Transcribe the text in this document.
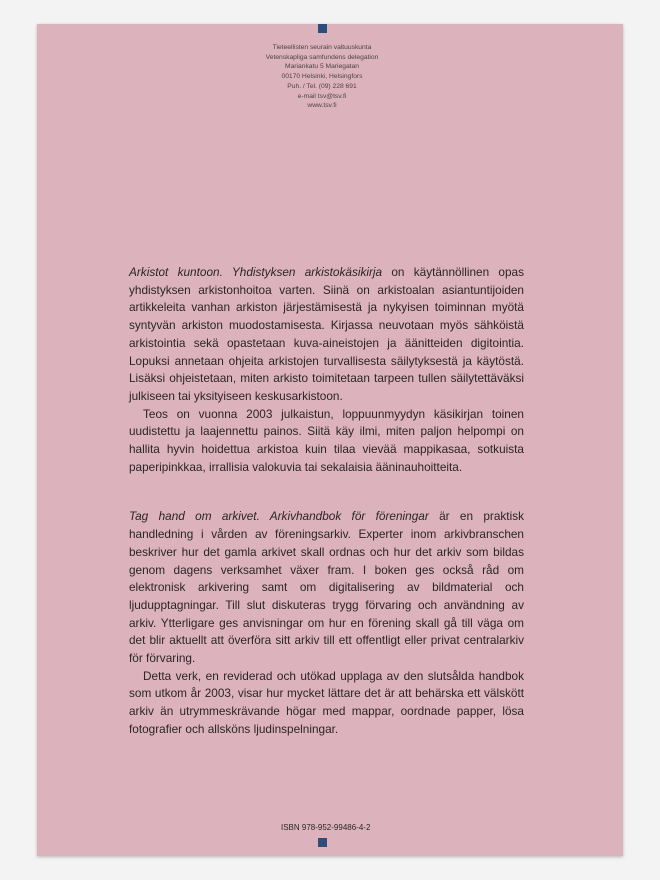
Tieteellisten seurain valtuuskunta
Vetenskapliga samfundens delegation
Mariankatu 5 Mariegatan
00170 Helsinki, Helsingfors
Puh. / Tel. (09) 228 691
e-mail tsv@tsv.fi
www.tsv.fi

Arkistot kuntoon. Yhdistyksen arkistokäsikirja on käytännöllinen opas yhdistyksen arkistonhoitoa varten. Siinä on arkistoalan asiantuntijoiden artikkeleita vanhan arkiston järjestämisestä ja nykyisen toiminnan myötä syntyvän arkiston muodostamisesta. Kirjassa neuvotaan myös sähköistä arkistointia sekä opastetaan kuva-aineistojen ja äänitteiden digitointia. Lopuksi annetaan ohjeita arkistojen turvallisesta säilytyksestä ja käytöstä. Lisäksi ohjeistetaan, miten arkisto toimitetaan tarpeen tullen säilytettäväksi julkiseen tai yksityiseen keskusarkistoon.

Teos on vuonna 2003 julkaistun, loppuunmyydyn käsikirjan toinen uudistettu ja laajennettu painos. Siitä käy ilmi, miten paljon helpompi on hallita hyvin hoidettua arkistoa kuin tilaa vievää mappikasaa, sotkuista paperipinkkaa, irrallisia valokuvia tai sekalaisia ääninauhoitteita.

Tag hand om arkivet. Arkivhandbok för föreningar är en praktisk handledning i vården av föreningsarkiv. Experter inom arkivbranschen beskriver hur det gamla arkivet skall ordnas och hur det arkiv som bildas genom dagens verksamhet växer fram. I boken ges också råd om elektronisk arkivering samt om digitalisering av bildmaterial och ljudupptagningar. Till slut diskuteras trygg förvaring och användning av arkiv. Ytterligare ges anvisningar om hur en förening skall gå till väga om det blir aktuellt att överföra sitt arkiv till ett offentligt eller privat centralarkiv för förvaring.

Detta verk, en reviderad och utökad upplaga av den slutsålda handbok som utkom år 2003, visar hur mycket lättare det är att behärska ett välskött arkiv än utrymmeskrävande högar med mappar, oordnade papper, lösa fotografier och allsköns ljudinspelningar.

ISBN 978-952-99486-4-2
